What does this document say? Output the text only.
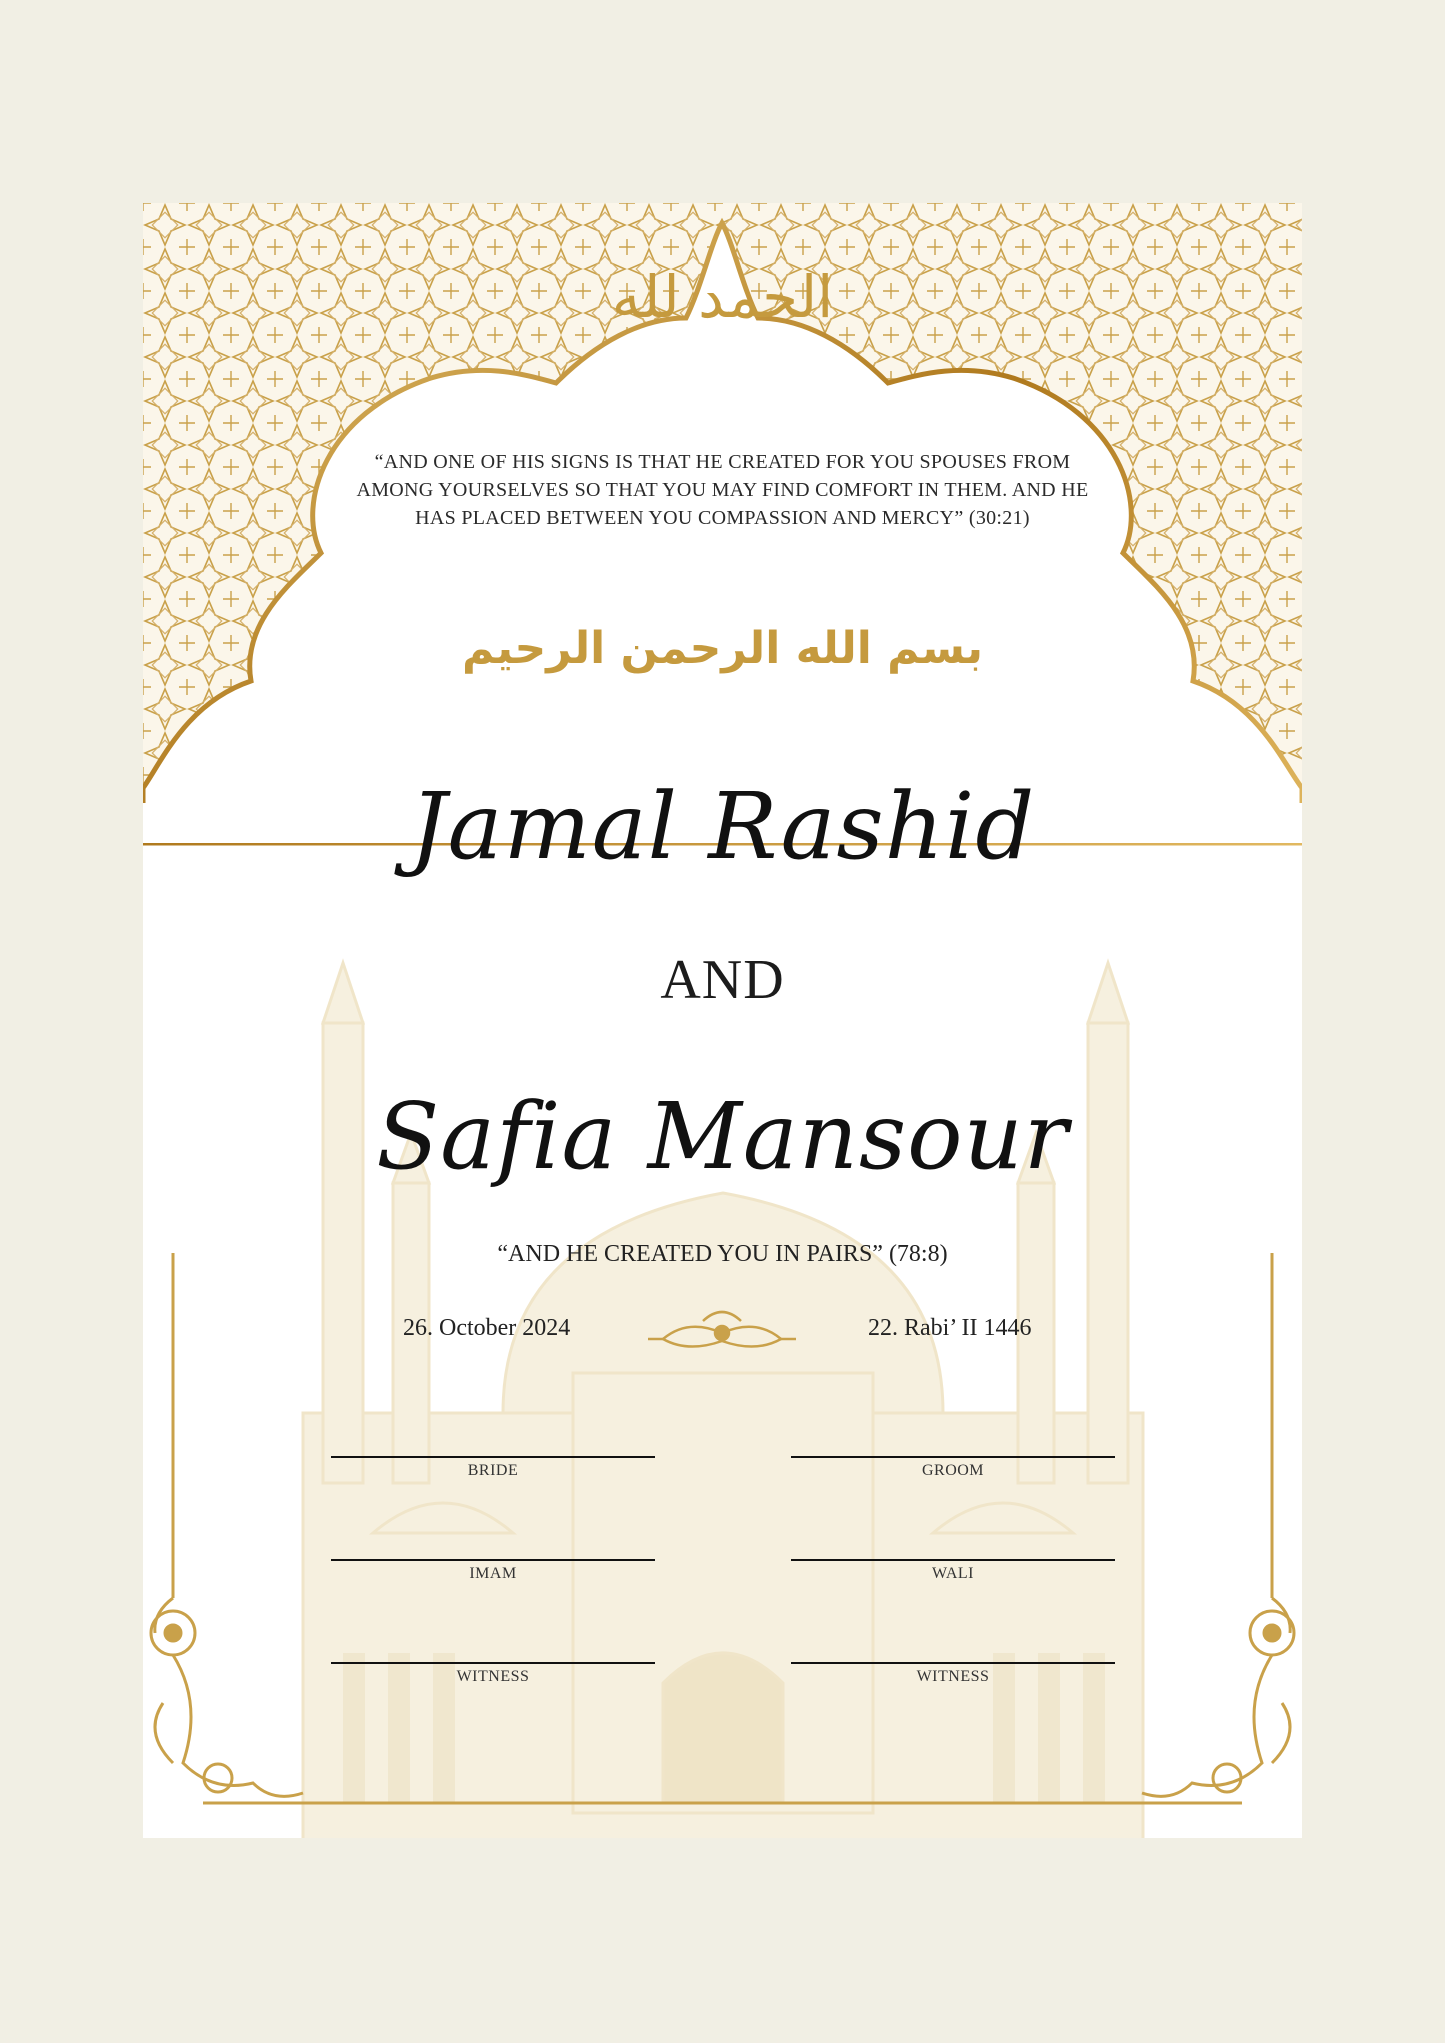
الحمد لله
“AND ONE OF HIS SIGNS IS THAT HE CREATED FOR YOU SPOUSES FROM AMONG YOURSELVES SO THAT YOU MAY FIND COMFORT IN THEM. AND HE HAS PLACED BETWEEN YOU COMPASSION AND MERCY” (30:21)
بسم الله الرحمن الرحيم
Jamal Rashid
AND
Safia Mansour
“AND HE CREATED YOU IN PAIRS” (78:8)
26. October 2024	22. Rabi’ II 1446
BRIDE	GROOM
IMAM	WALI
WITNESS	WITNESS
